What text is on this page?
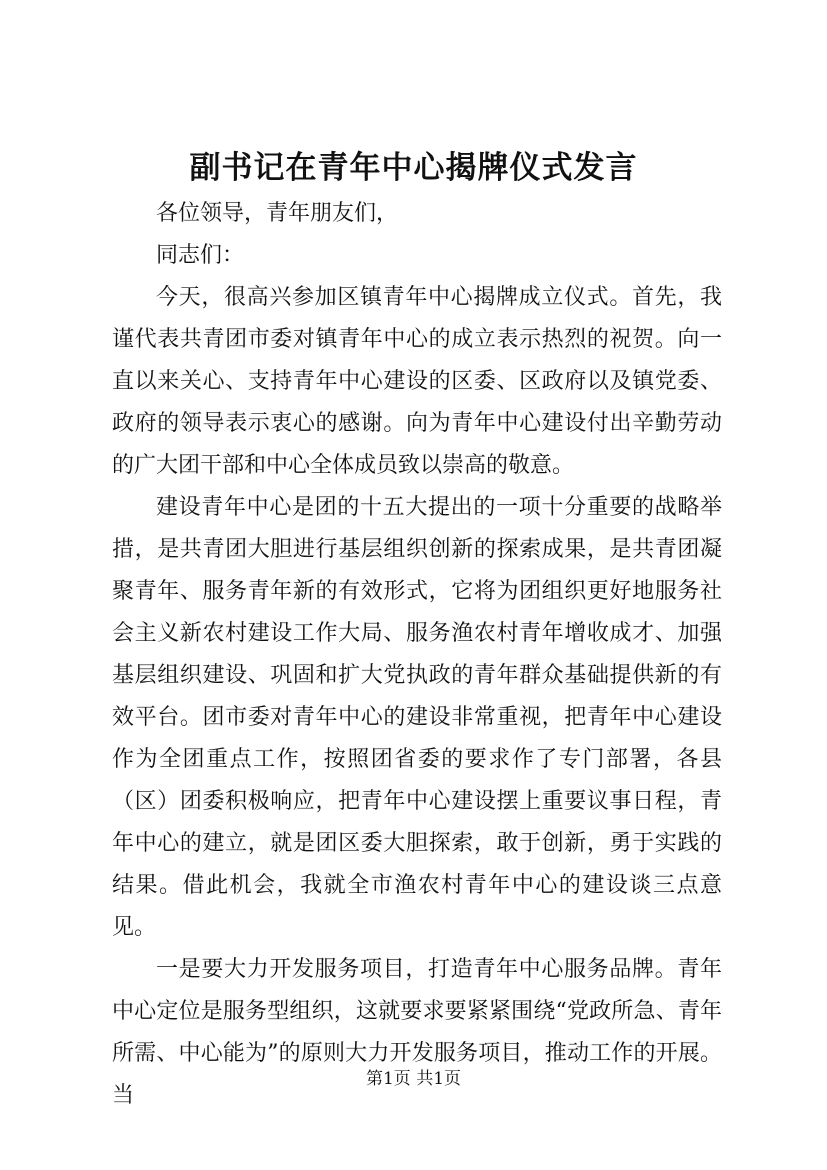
副书记在青年中心揭牌仪式发言

各位领导，青年朋友们，

同志们：

今天，很高兴参加区镇青年中心揭牌成立仪式。首先，我谨代表共青团市委对镇青年中心的成立表示热烈的祝贺。向一直以来关心、支持青年中心建设的区委、区政府以及镇党委、政府的领导表示衷心的感谢。向为青年中心建设付出辛勤劳动的广大团干部和中心全体成员致以崇高的敬意。

建设青年中心是团的十五大提出的一项十分重要的战略举措，是共青团大胆进行基层组织创新的探索成果，是共青团凝聚青年、服务青年新的有效形式，它将为团组织更好地服务社会主义新农村建设工作大局、服务渔农村青年增收成才、加强基层组织建设、巩固和扩大党执政的青年群众基础提供新的有效平台。团市委对青年中心的建设非常重视，把青年中心建设作为全团重点工作，按照团省委的要求作了专门部署，各县（区）团委积极响应，把青年中心建设摆上重要议事日程，青年中心的建立，就是团区委大胆探索，敢于创新，勇于实践的结果。借此机会，我就全市渔农村青年中心的建设谈三点意见。

一是要大力开发服务项目，打造青年中心服务品牌。青年中心定位是服务型组织，这就要求要紧紧围绕“党政所急、青年所需、中心能为”的原则大力开发服务项目，推动工作的开展。当

第1页 共1页
